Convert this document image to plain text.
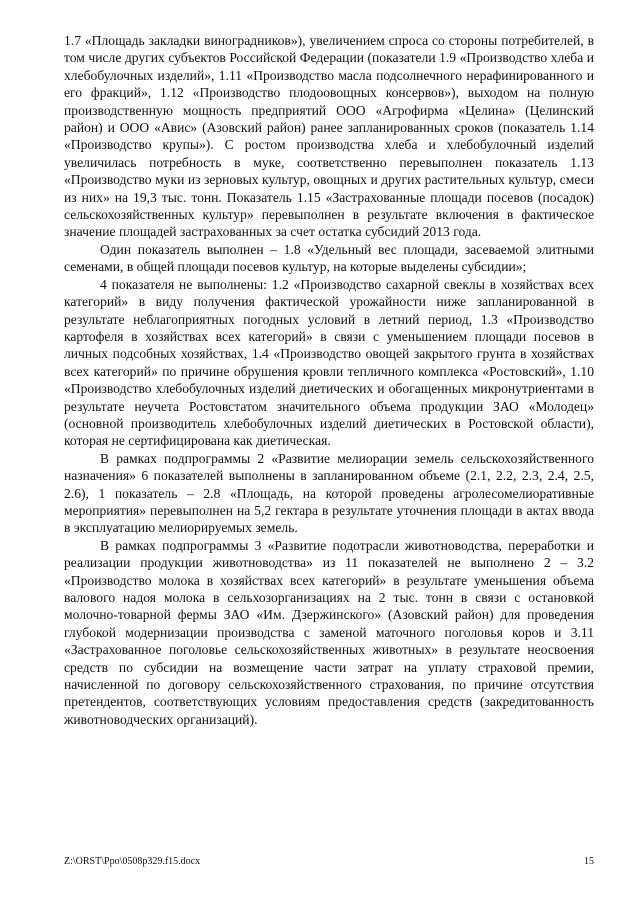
1.7 «Площадь закладки виноградников»), увеличением спроса со стороны потребителей, в том числе других субъектов Российской Федерации (показатели 1.9 «Производство хлеба и хлебобулочных изделий», 1.11 «Производство масла подсолнечного нерафинированного и его фракций», 1.12 «Производство плодоовощных консервов»), выходом на полную производственную мощность предприятий ООО «Агрофирма «Целина» (Целинский район) и ООО «Авис» (Азовский район) ранее запланированных сроков (показатель 1.14 «Производство крупы»). С ростом производства хлеба и хлебобулочный изделий увеличилась потребность в муке, соответственно перевыполнен показатель 1.13 «Производство муки из зерновых культур, овощных и других растительных культур, смеси из них» на 19,3 тыс. тонн. Показатель 1.15 «Застрахованные площади посевов (посадок) сельскохозяйственных культур» перевыполнен в результате включения в фактическое значение площадей застрахованных за счет остатка субсидий 2013 года.

Один показатель выполнен – 1.8 «Удельный вес площади, засеваемой элитными семенами, в общей площади посевов культур, на которые выделены субсидии»;

4 показателя не выполнены: 1.2 «Производство сахарной свеклы в хозяйствах всех категорий» в виду получения фактической урожайности ниже запланированной в результате неблагоприятных погодных условий в летний период, 1.3 «Производство картофеля в хозяйствах всех категорий» в связи с уменьшением площади посевов в личных подсобных хозяйствах, 1.4 «Производство овощей закрытого грунта в хозяйствах всех категорий» по причине обрушения кровли тепличного комплекса «Ростовский», 1.10 «Производство хлебобулочных изделий диетических и обогащенных микронутриентами в результате неучета Ростовстатом значительного объема продукции ЗАО «Молодец» (основной производитель хлебобулочных изделий диетических в Ростовской области), которая не сертифицирована как диетическая.

В рамках подпрограммы 2 «Развитие мелиорации земель сельскохозяйственного назначения» 6 показателей выполнены в запланированном объеме (2.1, 2.2, 2.3, 2.4, 2.5, 2.6), 1 показатель – 2.8 «Площадь, на которой проведены агролесомелиоративные мероприятия» перевыполнен на 5,2 гектара в результате уточнения площади в актах ввода в эксплуатацию мелиорируемых земель.

В рамках подпрограммы 3 «Развитие подотрасли животноводства, переработки и реализации продукции животноводства» из 11 показателей не выполнено 2 – 3.2 «Производство молока в хозяйствах всех категорий» в результате уменьшения объема валового надоя молока в сельхозорганизациях на 2 тыс. тонн в связи с остановкой молочно-товарной фермы ЗАО «Им. Дзержинского» (Азовский район) для проведения глубокой модернизации производства с заменой маточного поголовья коров и 3.11 «Застрахованное поголовье сельскохозяйственных животных» в результате неосвоения средств по субсидии на возмещение части затрат на уплату страховой премии, начисленной по договору сельскохозяйственного страхования, по причине отсутствия претендентов, соответствующих условиям предоставления средств (закредитованность животноводческих организаций).

Z:\ORST\Ppo\0508p329.f15.docx	15
